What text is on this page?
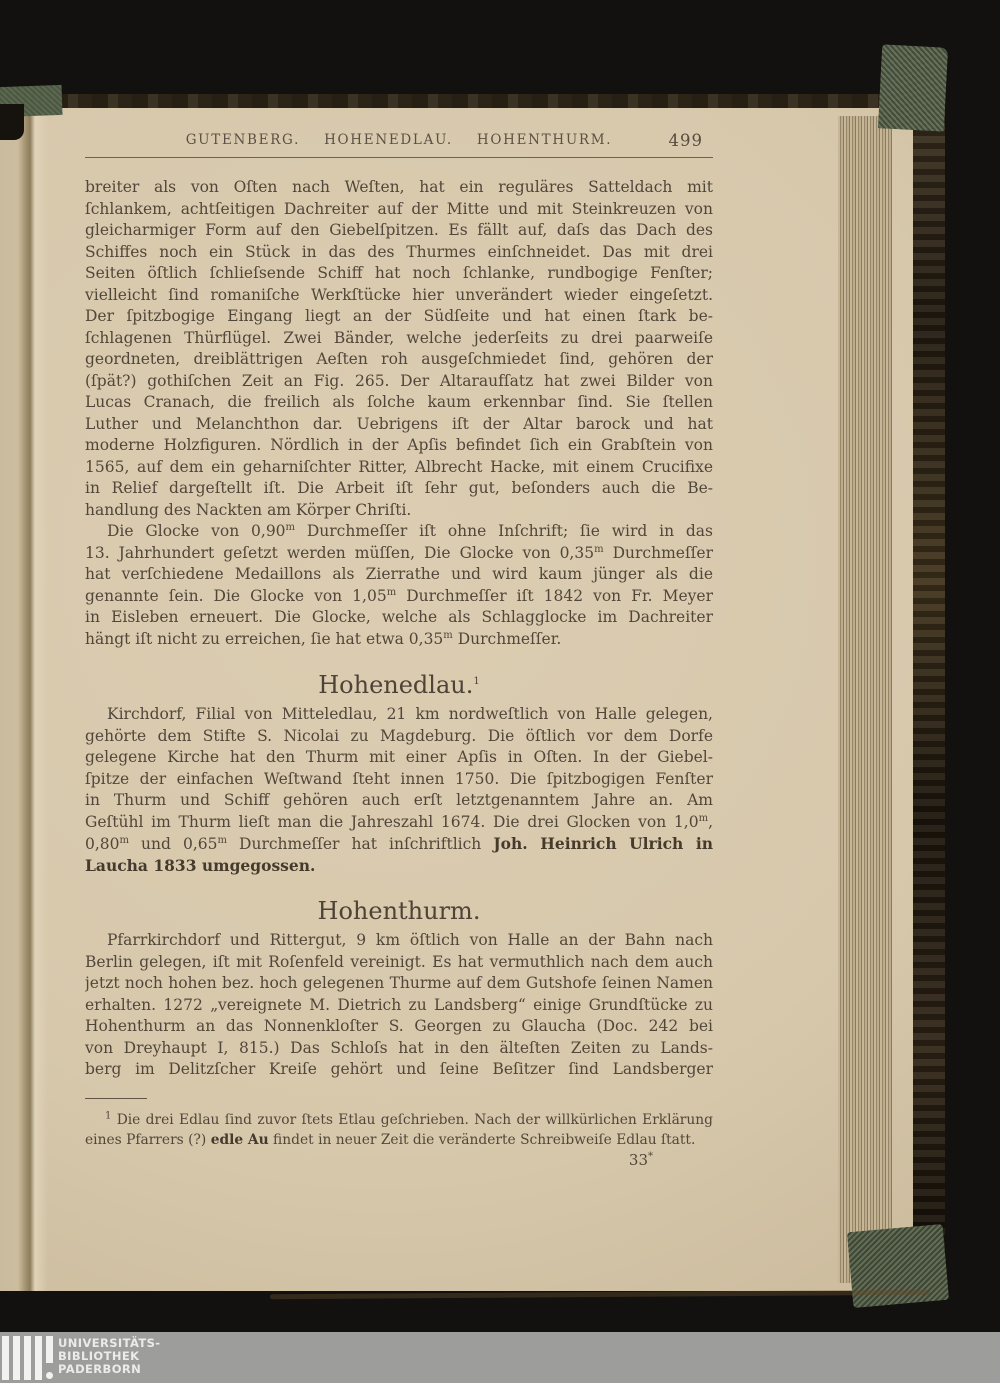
GUTENBERG. HOHENEDLAU. HOHENTHURM.	499
breiter als von Oſten nach Weſten, hat ein reguläres Satteldach mit
ſchlankem, achtſeitigen Dachreiter auf der Mitte und mit Steinkreuzen von
gleicharmiger Form auf den Giebelſpitzen. Es fällt auf, daſs das Dach des
Schiffes noch ein Stück in das des Thurmes einſchneidet. Das mit drei
Seiten öſtlich ſchlieſsende Schiff hat noch ſchlanke, rundbogige Fenſter;
vielleicht ſind romaniſche Werkſtücke hier unverändert wieder eingeſetzt.
Der ſpitzbogige Eingang liegt an der Südſeite und hat einen ſtark be-
ſchlagenen Thürflügel. Zwei Bänder, welche jederſeits zu drei paarweiſe
geordneten, dreiblättrigen Aeſten roh ausgeſchmiedet ſind, gehören der
(ſpät?) gothiſchen Zeit an Fig. 265. Der Altaraufſatz hat zwei Bilder von
Lucas Cranach, die freilich als ſolche kaum erkennbar ſind. Sie ſtellen
Luther und Melanchthon dar. Uebrigens iſt der Altar barock und hat
moderne Holzfiguren. Nördlich in der Apſis befindet ſich ein Grabſtein von
1565, auf dem ein geharniſchter Ritter, Albrecht Hacke, mit einem Crucifixe
in Relief dargeſtellt iſt. Die Arbeit iſt ſehr gut, beſonders auch die Be-
handlung des Nackten am Körper Chriſti.
Die Glocke von 0,90$^m$ Durchmeſſer iſt ohne Inſchrift; ſie wird in das
13. Jahrhundert geſetzt werden müſſen, Die Glocke von 0,35$^m$ Durchmeſſer
hat verſchiedene Medaillons als Zierrathe und wird kaum jünger als die
genannte ſein. Die Glocke von 1,05$^m$ Durchmeſſer iſt 1842 von Fr. Meyer
in Eisleben erneuert. Die Glocke, welche als Schlagglocke im Dachreiter
hängt iſt nicht zu erreichen, ſie hat etwa 0,35$^m$ Durchmeſſer.
Hohenedlau.$^1$
Kirchdorf, Filial von Mitteledlau, 21 km nordweſtlich von Halle gelegen,
gehörte dem Stifte S. Nicolai zu Magdeburg. Die öſtlich vor dem Dorfe
gelegene Kirche hat den Thurm mit einer Apſis in Oſten. In der Giebel-
ſpitze der einfachen Weſtwand ſteht innen 1750. Die ſpitzbogigen Fenſter
in Thurm und Schiff gehören auch erſt letztgenanntem Jahre an. Am
Geſtühl im Thurm lieſt man die Jahreszahl 1674. Die drei Glocken von 1,0$^m$,
0,80$^m$ und 0,65$^m$ Durchmeſſer hat inſchriftlich Joh. Heinrich Ulrich in
Laucha 1833 umgegossen.
Hohenthurm.
Pfarrkirchdorf und Rittergut, 9 km öſtlich von Halle an der Bahn nach
Berlin gelegen, iſt mit Roſenfeld vereinigt. Es hat vermuthlich nach dem auch
jetzt noch hohen bez. hoch gelegenen Thurme auf dem Gutshofe ſeinen Namen
erhalten. 1272 „vereignete M. Dietrich zu Landsberg“ einige Grundſtücke zu
Hohenthurm an das Nonnenkloſter S. Georgen zu Glaucha (Doc. 242 bei
von Dreyhaupt I, 815.) Das Schloſs hat in den älteſten Zeiten zu Lands-
berg im Delitzſcher Kreiſe gehört und ſeine Beſitzer ſind Landsberger
$^1$ Die drei Edlau ſind zuvor ſtets Etlau geſchrieben. Nach der willkürlichen Erklärung
eines Pfarrers (?) edle Au findet in neuer Zeit die veränderte Schreibweiſe Edlau ſtatt.
33*
UNIVERSITÄTS-
BIBLIOTHEK
PADERBORN
